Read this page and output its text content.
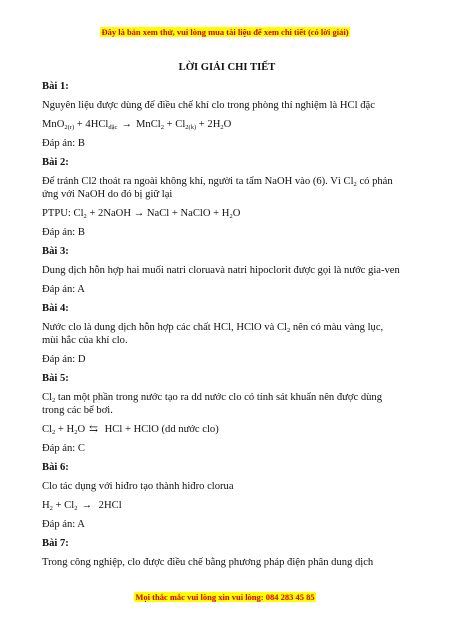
Đây là bản xem thử, vui lòng mua tài liệu để xem chi tiết (có lời giải)
LỜI GIẢI CHI TIẾT
Bài 1:
Nguyên liệu được dùng để điều chế khí clo trong phòng thí nghiệm là HCl đặc
MnO$_{2(r)}$ + 4HCl$_{đặc}$ → MnCl$_2$ + $Cl_{2(k)} + 2H_2O$
Đáp án: B
Bài 2:
Để tránh Cl2 thoát ra ngoài không khí, người ta tẩm NaOH vào (6). Vì $Cl_2$ có phản
ứng với NaOH do đó bị giữ lại
PTPU: $Cl_2$ + 2NaOH → NaCl + NaClO + $H_2O$
Đáp án: B
Bài 3:
Dung dịch hỗn hợp hai muối natri cloruavà natri hipoclorit được gọi là nước gia-ven
Đáp án: A
Bài 4:
Nước clo là dung dịch hỗn hợp các chất HCl, HClO và $Cl_2$ nên có màu vàng lục,
mùi hắc của khí clo.
Đáp án: D
Bài 5:
$Cl_2$ tan một phần trong nước tạo ra dd nước clo có tính sát khuẩn nên được dùng
trong các bể bơi.
$Cl_2 + H_2O$ ⇆ HCl + HClO (dd nước clo)
Đáp án: C
Bài 6:
Clo tác dụng với hiđro tạo thành hiđro clorua
$H_2 + Cl_2 \to 2HCl$
Đáp án: A
Bài 7:
Trong công nghiệp, clo được điều chế bằng phương pháp điện phân dung dịch
Mọi thắc mắc vui lòng xin vui lòng: 084 283 45 85
